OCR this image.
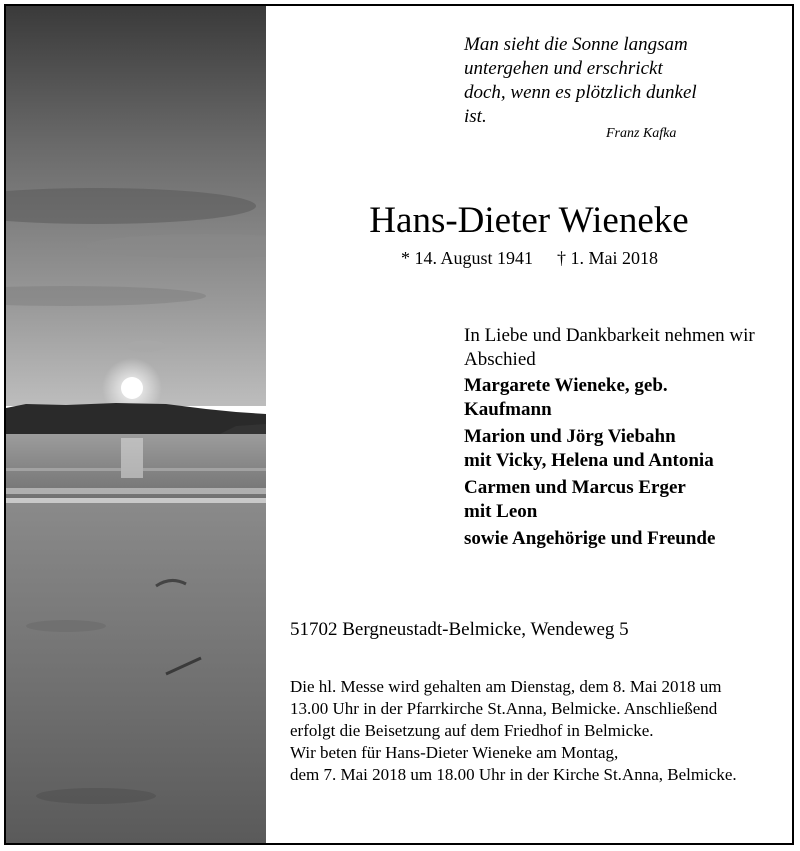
Man sieht die Sonne langsam
untergehen und erschrickt
doch, wenn es plötzlich dunkel
ist.
Franz Kafka
Hans-Dieter Wieneke
* 14. August 1941 † 1. Mai 2018
In Liebe und Dankbarkeit nehmen wir
Abschied
Margarete Wieneke, geb.
Kaufmann
Marion und Jörg Viebahn
mit Vicky, Helena und Antonia
Carmen und Marcus Erger
mit Leon
sowie Angehörige und Freunde
51702 Bergneustadt-Belmicke, Wendeweg 5
Die hl. Messe wird gehalten am Dienstag, dem 8. Mai 2018 um
13.00 Uhr in der Pfarrkirche St.Anna, Belmicke. Anschließend
erfolgt die Beisetzung auf dem Friedhof in Belmicke.
Wir beten für Hans-Dieter Wieneke am Montag,
dem 7. Mai 2018 um 18.00 Uhr in der Kirche St.Anna, Belmicke.
